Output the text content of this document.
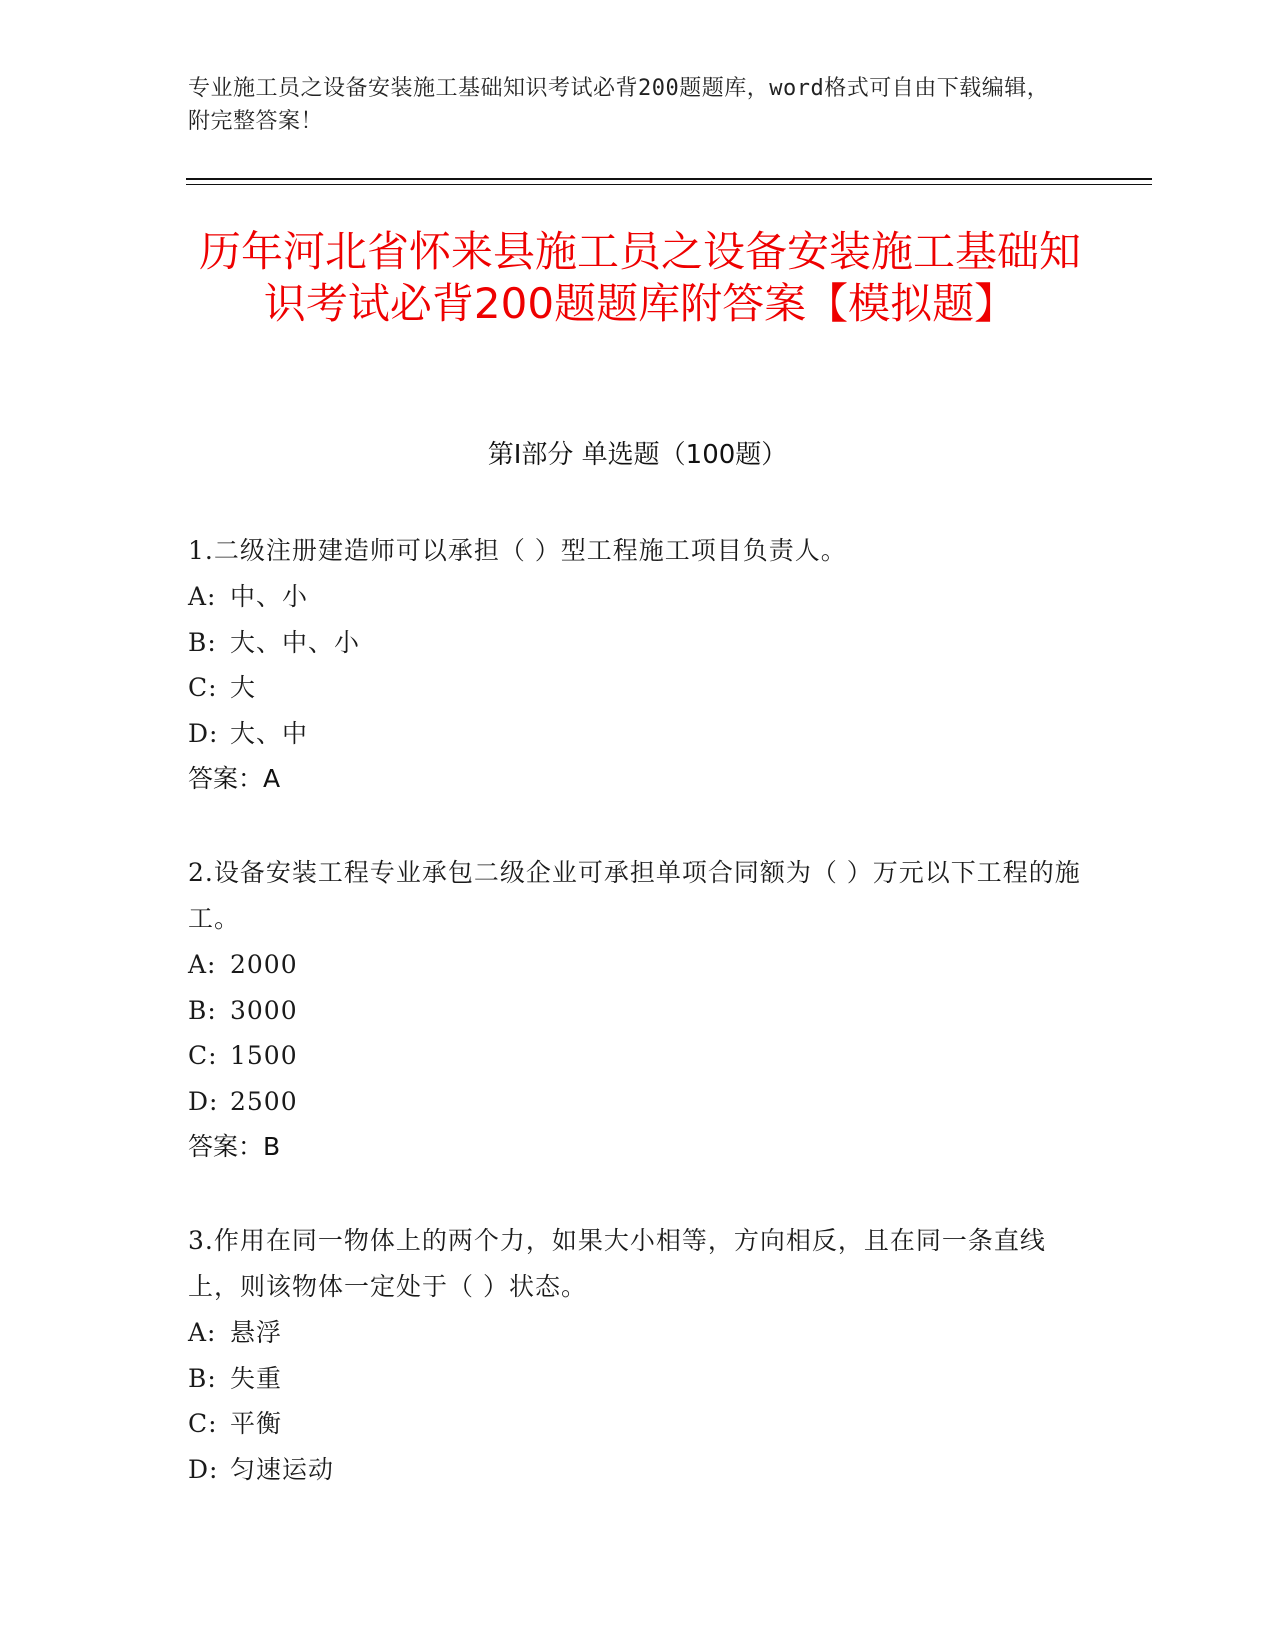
专业施工员之设备安装施工基础知识考试必背200题题库，word格式可自由下载编辑，附完整答案！
历年河北省怀来县施工员之设备安装施工基础知识考试必背200题题库附答案【模拟题】
第Ⅰ部分 单选题（100题）
1.二级注册建造师可以承担（ ）型工程施工项目负责人。
A: 中、小
B: 大、中、小
C: 大
D: 大、中
答案：A
2.设备安装工程专业承包二级企业可承担单项合同额为（ ）万元以下工程的施工。
A: 2000
B: 3000
C: 1500
D: 2500
答案：B
3.作用在同一物体上的两个力，如果大小相等，方向相反，且在同一条直线上，则该物体一定处于（ ）状态。
A: 悬浮
B: 失重
C: 平衡
D: 匀速运动
